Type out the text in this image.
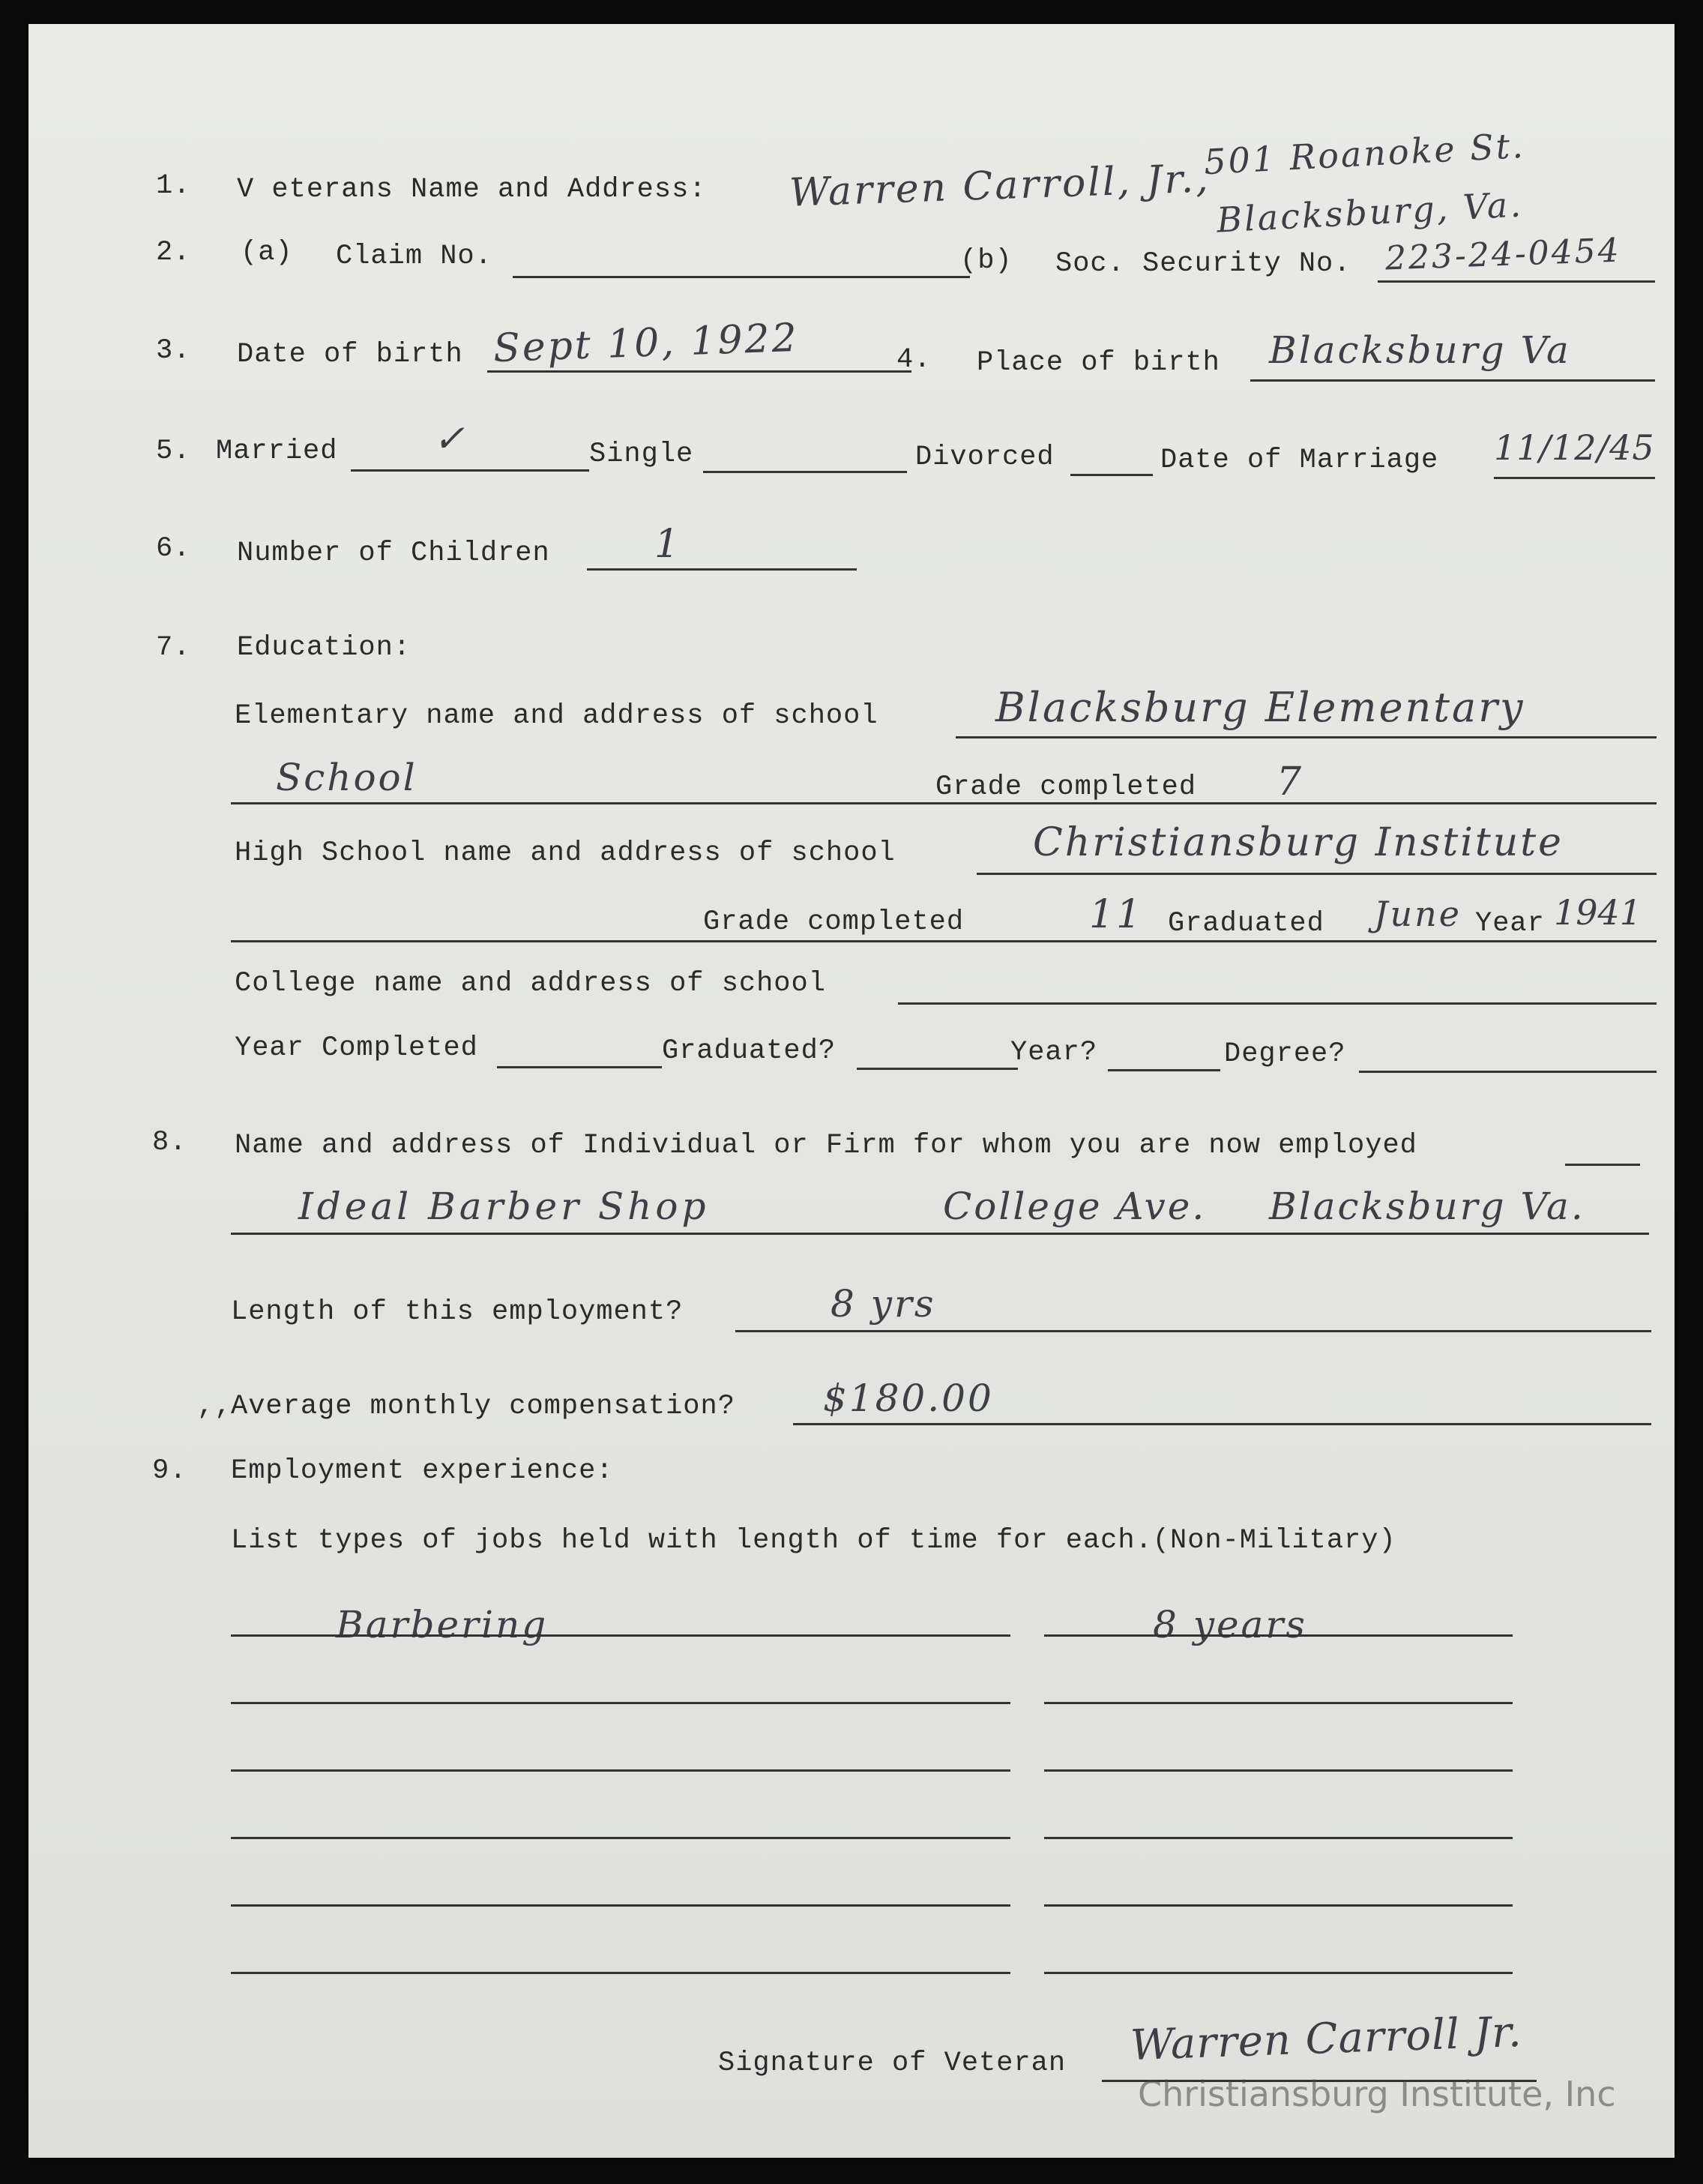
1. V eterans Name and Address: Warren Carroll, Jr.,
501 Roanoke St.
Blacksburg, Va.
2. (a) Claim No.	(b) Soc. Security No. 223-24-0454
3. Date of birth Sept 10, 1922	4. Place of birth Blacksburg Va
5. Married	✓	Single	Divorced	Date of Marriage 11/12/45
6. Number of Children	1
7. Education:
Elementary name and address of school	Blacksburg Elementary
School	Grade completed 7
High School name and address of school	Christiansburg Institute
Grade completed	11 Graduated June Year 1941
College name and address of school
Year Completed	Graduated?	Year?	Degree?
8. Name and address of Individual or Firm for whom you are now employed
Ideal Barber Shop	College Ave. Blacksburg Va.
Length of this employment?	8 yrs
,,
Average monthly compensation? $180.00
9. Employment experience:
List types of jobs held with length of time for each.(Non-Military)
Barbering	8 years
Signature of Veteran Warren Carroll Jr.
Christiansburg Institute, Inc
